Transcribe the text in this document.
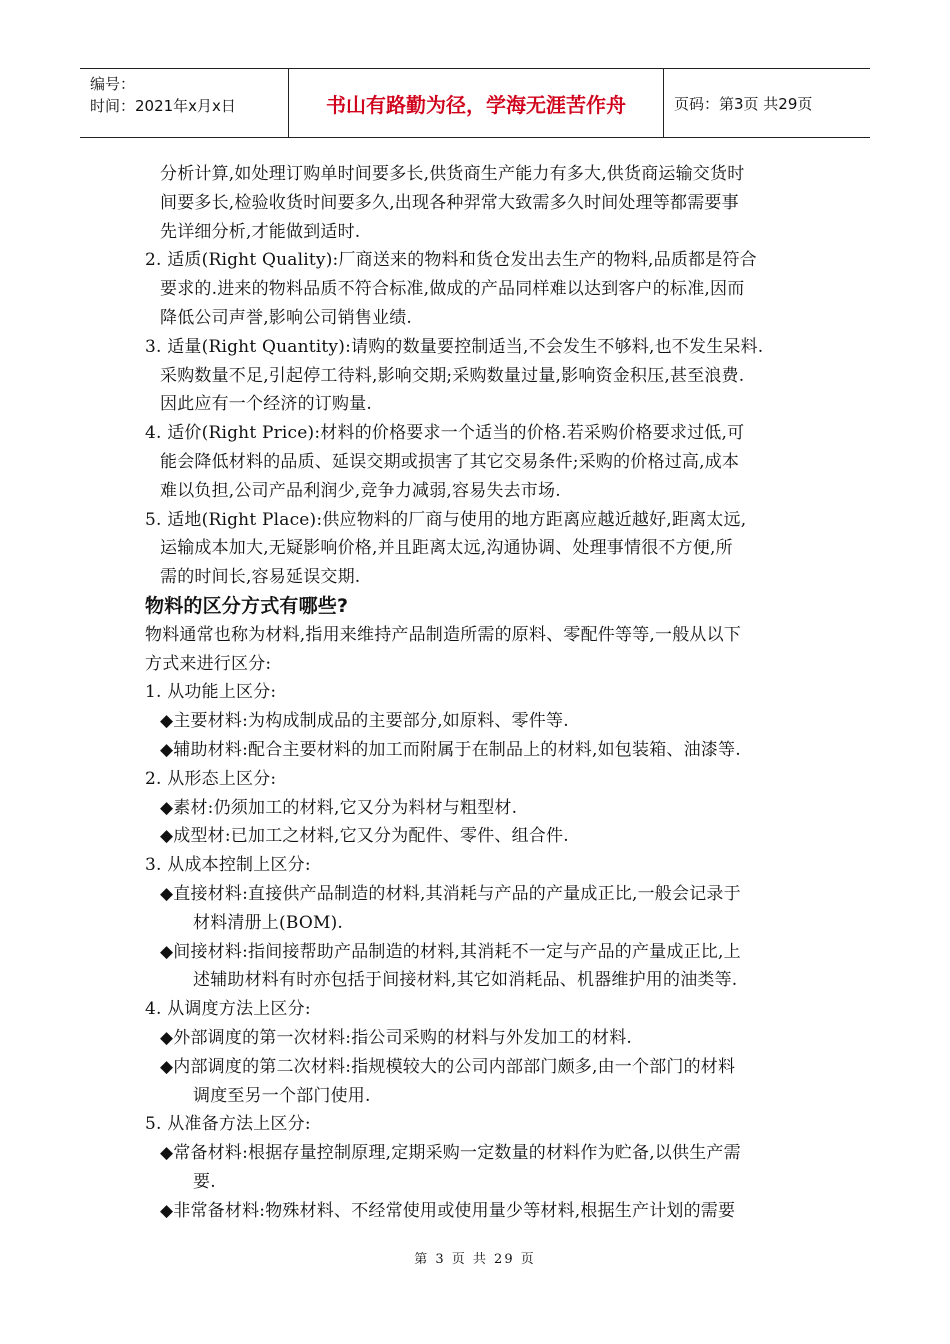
编号：
时间：2021年x月x日	书山有路勤为径，学海无涯苦作舟	页码：第3页 共29页
分析计算,如处理订购单时间要多长,供货商生产能力有多大,供货商运输交货时
间要多长,检验收货时间要多久,出现各种羿常大致需多久时间处理等都需要事
先详细分析,才能做到适时.
2. 适质(Right Quality):厂商送来的物料和货仓发出去生产的物料,品质都是符合
要求的.进来的物料品质不符合标准,做成的产品同样难以达到客户的标准,因而
降低公司声誉,影响公司销售业绩.
3. 适量(Right Quantity):请购的数量要控制适当,不会发生不够料,也不发生呆料.
采购数量不足,引起停工待料,影响交期;采购数量过量,影响资金积压,甚至浪费.
因此应有一个经济的订购量.
4. 适价(Right Price):材料的价格要求一个适当的价格.若采购价格要求过低,可
能会降低材料的品质、延误交期或损害了其它交易条件;采购的价格过高,成本
难以负担,公司产品利润少,竞争力减弱,容易失去市场.
5. 适地(Right Place):供应物料的厂商与使用的地方距离应越近越好,距离太远,
运输成本加大,无疑影响价格,并且距离太远,沟通协调、处理事情很不方便,所
需的时间长,容易延误交期.
物料的区分方式有哪些?
物料通常也称为材料,指用来维持产品制造所需的原料、零配件等等,一般从以下
方式来进行区分:
1. 从功能上区分:
◆主要材料:为构成制成品的主要部分,如原料、零件等.
◆辅助材料:配合主要材料的加工而附属于在制品上的材料,如包装箱、油漆等.
2. 从形态上区分:
◆素材:仍须加工的材料,它又分为料材与粗型材.
◆成型材:已加工之材料,它又分为配件、零件、组合件.
3. 从成本控制上区分:
◆直接材料:直接供产品制造的材料,其消耗与产品的产量成正比,一般会记录于
材料清册上(BOM).
◆间接材料:指间接帮助产品制造的材料,其消耗不一定与产品的产量成正比,上
述辅助材料有时亦包括于间接材料,其它如消耗品、机器维护用的油类等.
4. 从调度方法上区分:
◆外部调度的第一次材料:指公司采购的材料与外发加工的材料.
◆内部调度的第二次材料:指规模较大的公司内部部门颇多,由一个部门的材料
调度至另一个部门使用.
5. 从准备方法上区分:
◆常备材料:根据存量控制原理,定期采购一定数量的材料作为贮备,以供生产需
要.
◆非常备材料:物殊材料、不经常使用或使用量少等材料,根据生产计划的需要
第 3 页 共 29 页
